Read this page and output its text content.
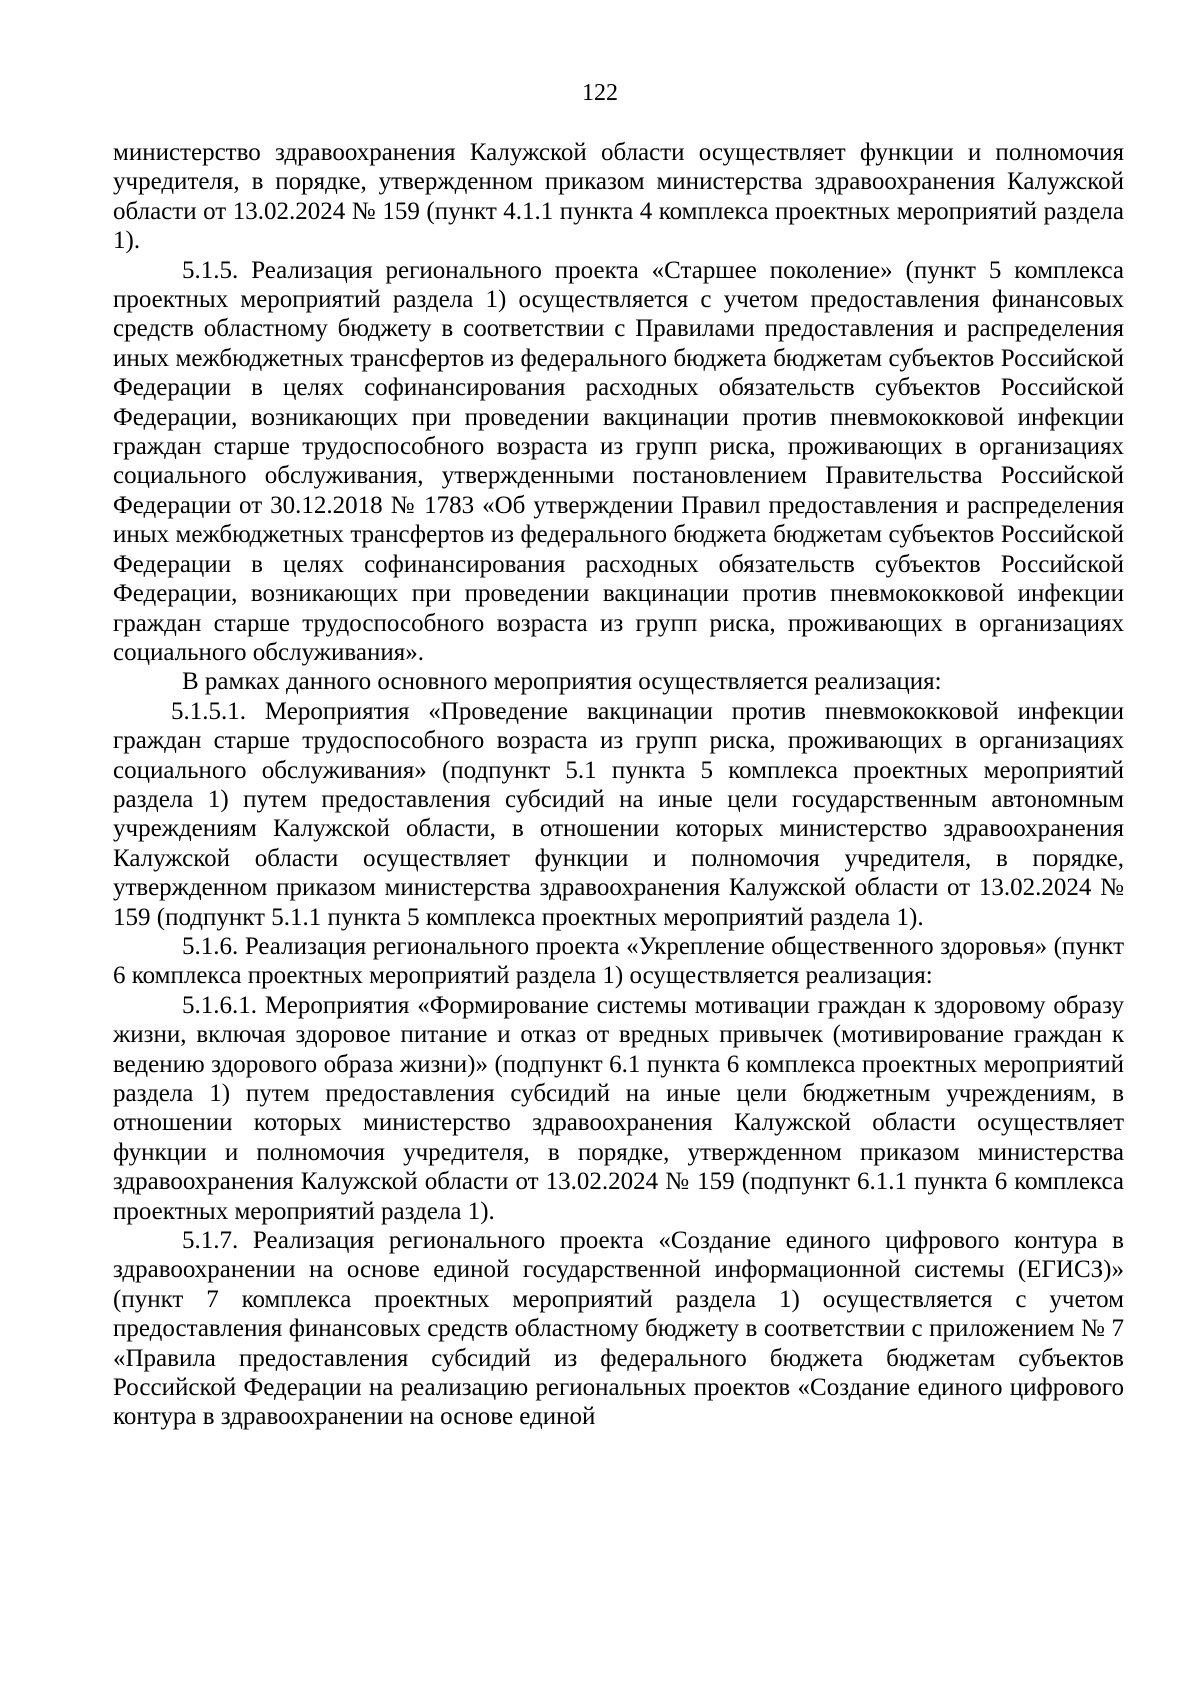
122

министерство здравоохранения Калужской области осуществляет функции и полномочия учредителя, в порядке, утвержденном приказом министерства здравоохранения Калужской области от 13.02.2024 № 159 (пункт 4.1.1 пункта 4 комплекса проектных мероприятий раздела 1).

5.1.5. Реализация регионального проекта «Старшее поколение» (пункт 5 комплекса проектных мероприятий раздела 1) осуществляется с учетом предоставления финансовых средств областному бюджету в соответствии с Правилами предоставления и распределения иных межбюджетных трансфертов из федерального бюджета бюджетам субъектов Российской Федерации в целях софинансирования расходных обязательств субъектов Российской Федерации, возникающих при проведении вакцинации против пневмококковой инфекции граждан старше трудоспособного возраста из групп риска, проживающих в организациях социального обслуживания, утвержденными постановлением Правительства Российской Федерации от 30.12.2018 № 1783 «Об утверждении Правил предоставления и распределения иных межбюджетных трансфертов из федерального бюджета бюджетам субъектов Российской Федерации в целях софинансирования расходных обязательств субъектов Российской Федерации, возникающих при проведении вакцинации против пневмококковой инфекции граждан старше трудоспособного возраста из групп риска, проживающих в организациях социального обслуживания».

В рамках данного основного мероприятия осуществляется реализация:

5.1.5.1. Мероприятия «Проведение вакцинации против пневмококковой инфекции граждан старше трудоспособного возраста из групп риска, проживающих в организациях социального обслуживания» (подпункт 5.1 пункта 5 комплекса проектных мероприятий раздела 1) путем предоставления субсидий на иные цели государственным автономным учреждениям Калужской области, в отношении которых министерство здравоохранения Калужской области осуществляет функции и полномочия учредителя, в порядке, утвержденном приказом министерства здравоохранения Калужской области от 13.02.2024 № 159 (подпункт 5.1.1 пункта 5 комплекса проектных мероприятий раздела 1).

5.1.6. Реализация регионального проекта «Укрепление общественного здоровья» (пункт 6 комплекса проектных мероприятий раздела 1) осуществляется реализация:

5.1.6.1. Мероприятия «Формирование системы мотивации граждан к здоровому образу жизни, включая здоровое питание и отказ от вредных привычек (мотивирование граждан к ведению здорового образа жизни)» (подпункт 6.1 пункта 6 комплекса проектных мероприятий раздела 1) путем предоставления субсидий на иные цели бюджетным учреждениям, в отношении которых министерство здравоохранения Калужской области осуществляет функции и полномочия учредителя, в порядке, утвержденном приказом министерства здравоохранения Калужской области от 13.02.2024 № 159 (подпункт 6.1.1 пункта 6 комплекса проектных мероприятий раздела 1).

5.1.7. Реализация регионального проекта «Создание единого цифрового контура в здравоохранении на основе единой государственной информационной системы (ЕГИСЗ)» (пункт 7 комплекса проектных мероприятий раздела 1) осуществляется с учетом предоставления финансовых средств областному бюджету в соответствии с приложением № 7 «Правила предоставления субсидий из федерального бюджета бюджетам субъектов Российской Федерации на реализацию региональных проектов «Создание единого цифрового контура в здравоохранении на основе единой
